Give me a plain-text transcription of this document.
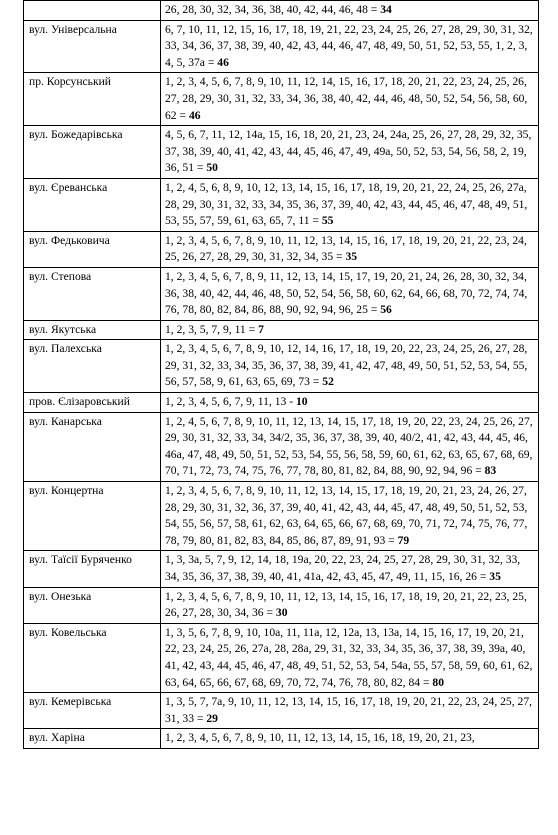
	26, 28, 30, 32, 34, 36, 38, 40, 42, 44, 46, 48 = 34
вул. Універсальна	6, 7, 10, 11, 12, 15, 16, 17, 18, 19, 21, 22, 23, 24, 25, 26, 27, 28, 29, 30, 31, 32, 33, 34, 36, 37, 38, 39, 40, 42, 43, 44, 46, 47, 48, 49, 50, 51, 52, 53, 55, 1, 2, 3, 4, 5, 37а = 46
пр. Корсунський	1, 2, 3, 4, 5, 6, 7, 8, 9, 10, 11, 12, 14, 15, 16, 17, 18, 20, 21, 22, 23, 24, 25, 26, 27, 28, 29, 30, 31, 32, 33, 34, 36, 38, 40, 42, 44, 46, 48, 50, 52, 54, 56, 58, 60, 62 = 46
вул. Божедарівська	4, 5, 6, 7, 11, 12, 14а, 15, 16, 18, 20, 21, 23, 24, 24а, 25, 26, 27, 28, 29, 32, 35, 37, 38, 39, 40, 41, 42, 43, 44, 45, 46, 47, 49, 49а, 50, 52, 53, 54, 56, 58, 2, 19, 36, 51 = 50
вул. Єреванська	1, 2, 4, 5, 6, 8, 9, 10, 12, 13, 14, 15, 16, 17, 18, 19, 20, 21, 22, 24, 25, 26, 27а, 28, 29, 30, 31, 32, 33, 34, 35, 36, 37, 39, 40, 42, 43, 44, 45, 46, 47, 48, 49, 51, 53, 55, 57, 59, 61, 63, 65, 7, 11 = 55
вул. Федьковича	1, 2, 3, 4, 5, 6, 7, 8, 9, 10, 11, 12, 13, 14, 15, 16, 17, 18, 19, 20, 21, 22, 23, 24, 25, 26, 27, 28, 29, 30, 31, 32, 34, 35 = 35
вул. Степова	1, 2, 3, 4, 5, 6, 7, 8, 9, 11, 12, 13, 14, 15, 17, 19, 20, 21, 24, 26, 28, 30, 32, 34, 36, 38, 40, 42, 44, 46, 48, 50, 52, 54, 56, 58, 60, 62, 64, 66, 68, 70, 72, 74, 74, 76, 78, 80, 82, 84, 86, 88, 90, 92, 94, 96, 25 = 56
вул. Якутська	1, 2, 3, 5, 7, 9, 11 = 7
вул. Палехська	1, 2, 3, 4, 5, 6, 7, 8, 9, 10, 12, 14, 16, 17, 18, 19, 20, 22, 23, 24, 25, 26, 27, 28, 29, 31, 32, 33, 34, 35, 36, 37, 38, 39, 41, 42, 47, 48, 49, 50, 51, 52, 53, 54, 55, 56, 57, 58, 9, 61, 63, 65, 69, 73 = 52
пров. Єлізаровський	1, 2, 3, 4, 5, 6, 7, 9, 11, 13 - 10
вул. Канарська	1, 2, 4, 5, 6, 7, 8, 9, 10, 11, 12, 13, 14, 15, 17, 18, 19, 20, 22, 23, 24, 25, 26, 27, 29, 30, 31, 32, 33, 34, 34/2, 35, 36, 37, 38, 39, 40, 40/2, 41, 42, 43, 44, 45, 46, 46а, 47, 48, 49, 50, 51, 52, 53, 54, 55, 56, 58, 59, 60, 61, 62, 63, 65, 67, 68, 69, 70, 71, 72, 73, 74, 75, 76, 77, 78, 80, 81, 82, 84, 88, 90, 92, 94, 96 = 83
вул. Концертна	1, 2, 3, 4, 5, 6, 7, 8, 9, 10, 11, 12, 13, 14, 15, 17, 18, 19, 20, 21, 23, 24, 26, 27, 28, 29, 30, 31, 32, 36, 37, 39, 40, 41, 42, 43, 44, 45, 47, 48, 49, 50, 51, 52, 53, 54, 55, 56, 57, 58, 61, 62, 63, 64, 65, 66, 67, 68, 69, 70, 71, 72, 74, 75, 76, 77, 78, 79, 80, 81, 82, 83, 84, 85, 86, 87, 89, 91, 93 = 79
вул. Таїсії Буряченко	1, 3, 3а, 5, 7, 9, 12, 14, 18, 19а, 20, 22, 23, 24, 25, 27, 28, 29, 30, 31, 32, 33, 34, 35, 36, 37, 38, 39, 40, 41, 41а, 42, 43, 45, 47, 49, 11, 15, 16, 26 = 35
вул. Онезька	1, 2, 3, 4, 5, 6, 7, 8, 9, 10, 11, 12, 13, 14, 15, 16, 17, 18, 19, 20, 21, 22, 23, 25, 26, 27, 28, 30, 34, 36 = 30
вул. Ковельська	1, 3, 5, 6, 7, 8, 9, 10, 10а, 11, 11а, 12, 12а, 13, 13а, 14, 15, 16, 17, 19, 20, 21, 22, 23, 24, 25, 26, 27а, 28, 28а, 29, 31, 32, 33, 34, 35, 36, 37, 38, 39, 39а, 40, 41, 42, 43, 44, 45, 46, 47, 48, 49, 51, 52, 53, 54, 54а, 55, 57, 58, 59, 60, 61, 62, 63, 64, 65, 66, 67, 68, 69, 70, 72, 74, 76, 78, 80, 82, 84 = 80
вул. Кемерівська	1, 3, 5, 7, 7а, 9, 10, 11, 12, 13, 14, 15, 16, 17, 18, 19, 20, 21, 22, 23, 24, 25, 27, 31, 33 = 29
вул. Харіна	1, 2, 3, 4, 5, 6, 7, 8, 9, 10, 11, 12, 13, 14, 15, 16, 18, 19, 20, 21, 23,
